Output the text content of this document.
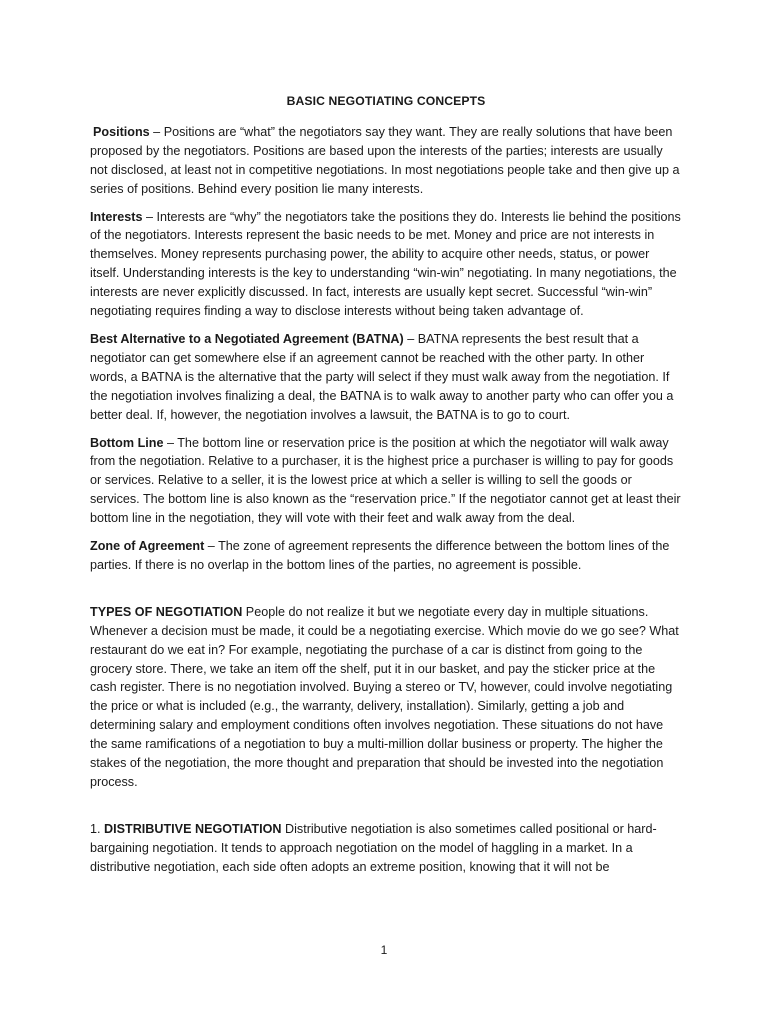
BASIC NEGOTIATING CONCEPTS

Positions – Positions are “what” the negotiators say they want. They are really solutions that have been proposed by the negotiators. Positions are based upon the interests of the parties; interests are usually not disclosed, at least not in competitive negotiations. In most negotiations people take and then give up a series of positions. Behind every position lie many interests.

Interests – Interests are “why” the negotiators take the positions they do. Interests lie behind the positions of the negotiators. Interests represent the basic needs to be met. Money and price are not interests in themselves. Money represents purchasing power, the ability to acquire other needs, status, or power itself. Understanding interests is the key to understanding “win-win” negotiating. In many negotiations, the interests are never explicitly discussed. In fact, interests are usually kept secret. Successful “win-win” negotiating requires finding a way to disclose interests without being taken advantage of.

Best Alternative to a Negotiated Agreement (BATNA) – BATNA represents the best result that a negotiator can get somewhere else if an agreement cannot be reached with the other party. In other words, a BATNA is the alternative that the party will select if they must walk away from the negotiation. If the negotiation involves finalizing a deal, the BATNA is to walk away to another party who can offer you a better deal. If, however, the negotiation involves a lawsuit, the BATNA is to go to court.

Bottom Line – The bottom line or reservation price is the position at which the negotiator will walk away from the negotiation. Relative to a purchaser, it is the highest price a purchaser is willing to pay for goods or services. Relative to a seller, it is the lowest price at which a seller is willing to sell the goods or services. The bottom line is also known as the “reservation price.” If the negotiator cannot get at least their bottom line in the negotiation, they will vote with their feet and walk away from the deal.

Zone of Agreement – The zone of agreement represents the difference between the bottom lines of the parties. If there is no overlap in the bottom lines of the parties, no agreement is possible.

TYPES OF NEGOTIATION People do not realize it but we negotiate every day in multiple situations. Whenever a decision must be made, it could be a negotiating exercise. Which movie do we go see? What restaurant do we eat in? For example, negotiating the purchase of a car is distinct from going to the grocery store. There, we take an item off the shelf, put it in our basket, and pay the sticker price at the cash register. There is no negotiation involved. Buying a stereo or TV, however, could involve negotiating the price or what is included (e.g., the warranty, delivery, installation). Similarly, getting a job and determining salary and employment conditions often involves negotiation. These situations do not have the same ramifications of a negotiation to buy a multi-million dollar business or property. The higher the stakes of the negotiation, the more thought and preparation that should be invested into the negotiation process.

1. DISTRIBUTIVE NEGOTIATION Distributive negotiation is also sometimes called positional or hard-bargaining negotiation. It tends to approach negotiation on the model of haggling in a market. In a distributive negotiation, each side often adopts an extreme position, knowing that it will not be

1
